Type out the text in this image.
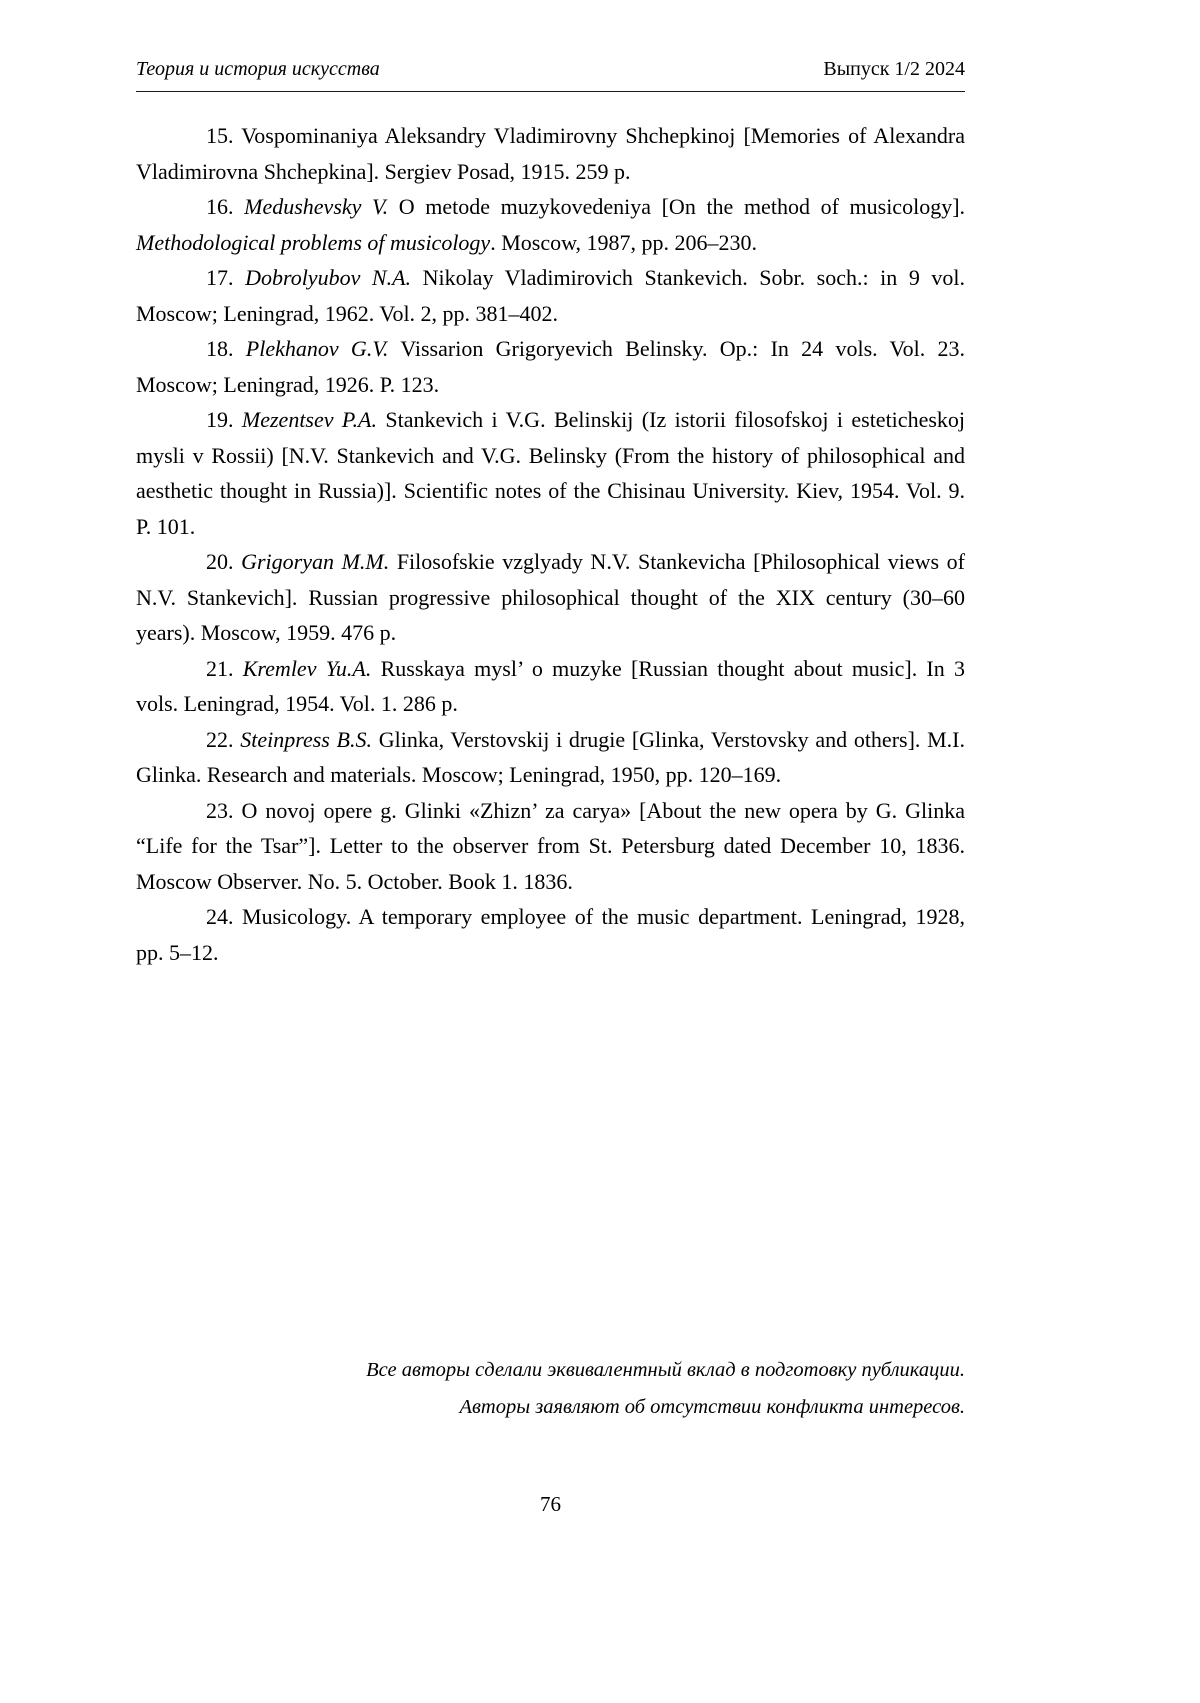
Теория и история искусства	Выпуск 1/2 2024

15. Vospominaniya Aleksandry Vladimirovny Shchepkinoj [Memories of Alexandra Vladimirovna Shchepkina]. Sergiev Posad, 1915. 259 p.

16. Medushevsky V. O metode muzykovedeniya [On the method of musicology]. Methodological problems of musicology. Moscow, 1987, pp. 206–230.

17. Dobrolyubov N.A. Nikolay Vladimirovich Stankevich. Sobr. soch.: in 9 vol. Moscow; Leningrad, 1962. Vol. 2, pp. 381–402.

18. Plekhanov G.V. Vissarion Grigoryevich Belinsky. Op.: In 24 vols. Vol. 23. Moscow; Leningrad, 1926. P. 123.

19. Mezentsev P.A. Stankevich i V.G. Belinskij (Iz istorii filosofskoj i esteticheskoj mysli v Rossii) [N.V. Stankevich and V.G. Belinsky (From the history of philosophical and aesthetic thought in Russia)]. Scientific notes of the Chisinau University. Kiev, 1954. Vol. 9. P. 101.

20. Grigoryan M.M. Filosofskie vzglyady N.V. Stankevicha [Philosophical views of N.V. Stankevich]. Russian progressive philosophical thought of the XIX century (30–60 years). Moscow, 1959. 476 p.

21. Kremlev Yu.A. Russkaya mysl’ o muzyke [Russian thought about music]. In 3 vols. Leningrad, 1954. Vol. 1. 286 p.

22. Steinpress B.S. Glinka, Verstovskij i drugie [Glinka, Verstovsky and others]. M.I. Glinka. Research and materials. Moscow; Leningrad, 1950, pp. 120–169.

23. O novoj opere g. Glinki «Zhizn’ za carya» [About the new opera by G. Glinka “Life for the Tsar”]. Letter to the observer from St. Petersburg dated December 10, 1836. Moscow Observer. No. 5. October. Book 1. 1836.

24. Musicology. A temporary employee of the music department. Leningrad, 1928, pp. 5–12.

Все авторы сделали эквивалентный вклад в подготовку публикации.

Авторы заявляют об отсутствии конфликта интересов.

76
